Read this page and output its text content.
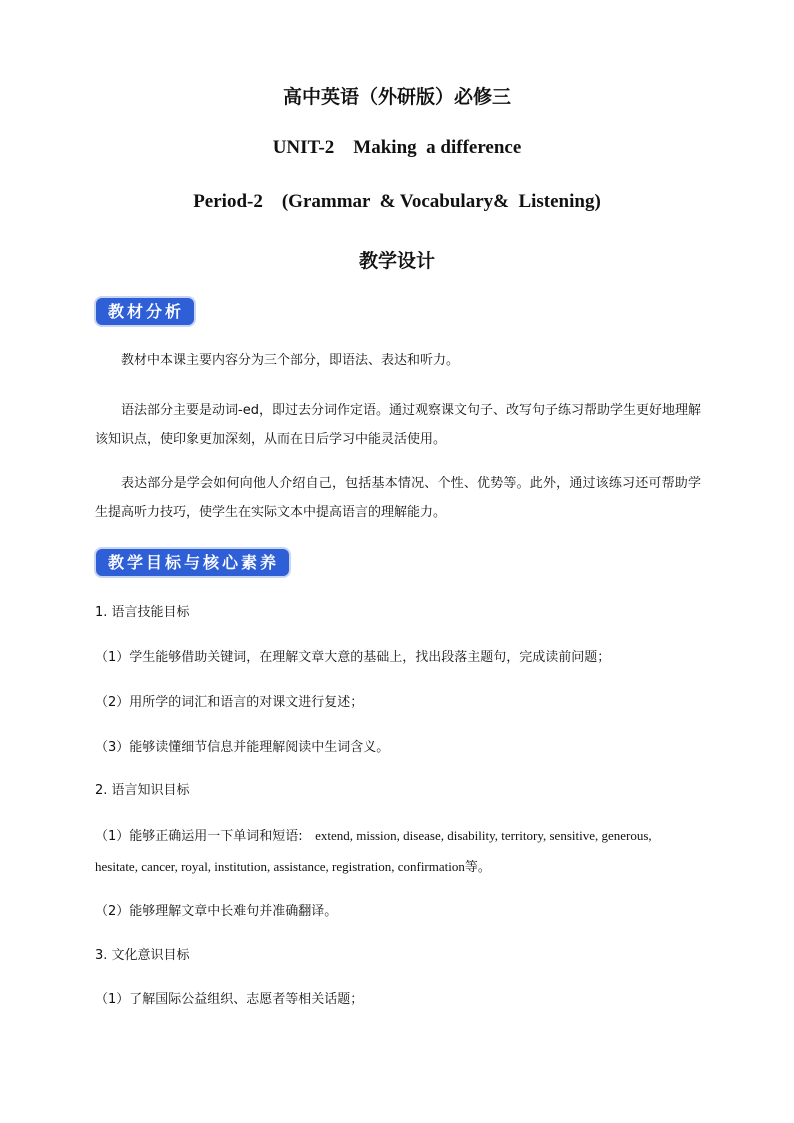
高中英语（外研版）必修三
UNIT-2    Making  a difference
Period-2    (Grammar  & Vocabulary&  Listening)
教学设计
教材分析
教材中本课主要内容分为三个部分，即语法、表达和听力。
语法部分主要是动词-ed，即过去分词作定语。通过观察课文句子、改写句子练习帮助学生更好地理解该知识点，使印象更加深刻，从而在日后学习中能灵活使用。
表达部分是学会如何向他人介绍自己，包括基本情况、个性、优势等。此外，通过该练习还可帮助学生提高听力技巧，使学生在实际文本中提高语言的理解能力。
教学目标与核心素养
1. 语言技能目标
（1）学生能够借助关键词，在理解文章大意的基础上，找出段落主题句，完成读前问题；
（2）用所学的词汇和语言的对课文进行复述；
（3）能够读懂细节信息并能理解阅读中生词含义。
2. 语言知识目标
（1）能够正确运用一下单词和短语: extend, mission, disease, disability, territory, sensitive, generous,
hesitate, cancer, royal, institution, assistance, registration, confirmation等。
（2）能够理解文章中长难句并准确翻译。
3. 文化意识目标
（1）了解国际公益组织、志愿者等相关话题；
